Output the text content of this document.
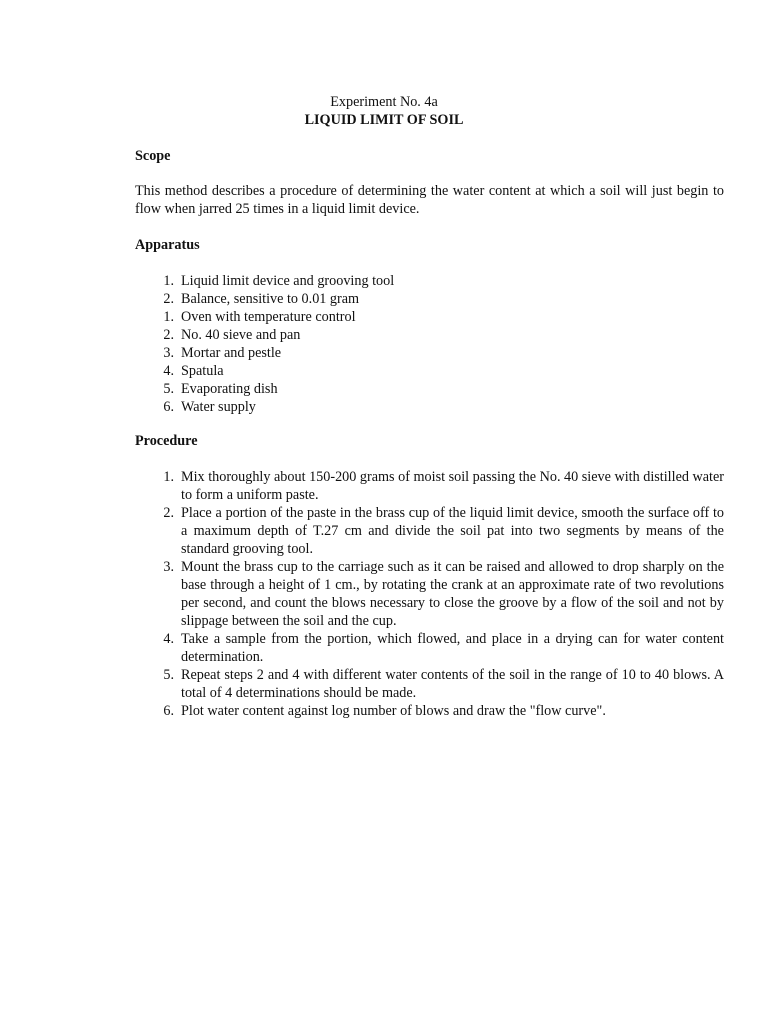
Experiment No. 4a
LIQUID LIMIT OF SOIL
Scope

This method describes a procedure of determining the water content at which a soil will just begin to flow when jarred 25 times in a liquid limit device.

Apparatus
1. Liquid limit device and grooving tool
2. Balance, sensitive to 0.01 gram
1. Oven with temperature control
2. No. 40 sieve and pan
3. Mortar and pestle
4. Spatula
5. Evaporating dish
6. Water supply
Procedure
1. Mix thoroughly about 150-200 grams of moist soil passing the No. 40 sieve with distilled water to form a uniform paste.
2. Place a portion of the paste in the brass cup of the liquid limit device, smooth the surface off to a maximum depth of T.27 cm and divide the soil pat into two segments by means of the standard grooving tool.
3. Mount the brass cup to the carriage such as it can be raised and allowed to drop sharply on the base through a height of 1 cm., by rotating the crank at an approximate rate of two revolutions per second, and count the blows necessary to close the groove by a flow of the soil and not by slippage between the soil and the cup.
4. Take a sample from the portion, which flowed, and place in a drying can for water content determination.
5. Repeat steps 2 and 4 with different water contents of the soil in the range of 10 to 40 blows. A total of 4 determinations should be made.
6. Plot water content against log number of blows and draw the "flow curve".
